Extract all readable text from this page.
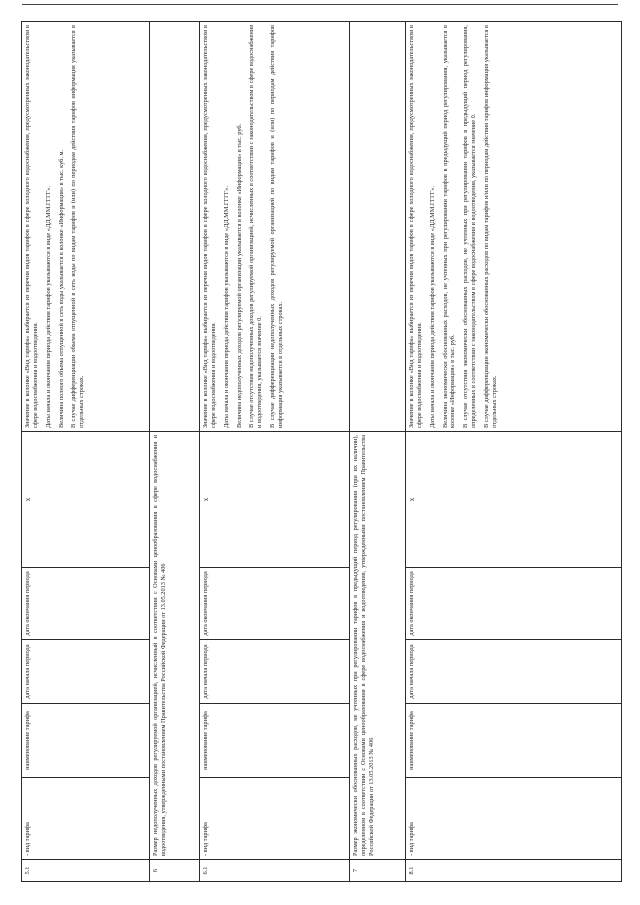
5.1	- вид тарифа	наименование тарифа	дата начала периода	дата окончания периода	х	Значение в колонке «Вид тарифа» выбирается из перечня видов тарифов в сфере холодного водоснабжения, предусмотренных законодательством в сфере водоснабжения и водоотведения. Даты начала и окончания периода действия тарифов указываются в виде «ДД.ММ.ГГГГ». Величина полного объема отпущенной в сеть воды указывается в колонке «Информация» в тыс. куб. м. В случае дифференциации объема отпущенной в сеть воды по видам тарифов и (или) по периодам действия тарифов информация указывается в отдельных строках.

6	Размер недополученных доходов регулируемой организацией, исчисленный в соответствии с Основами ценообразования в сфере водоснабжения и водоотведения, утвержденными постановлением Правительства Российской Федерации от 13.05.2013 № 406					
6.1	- вид тарифа	наименование тарифа	дата начала периода	дата окончания периода	х	Значение в колонке «Вид тарифа» выбирается из перечня видов тарифов в сфере холодного водоснабжения, предусмотренных законодательством в сфере водоснабжения и водоотведения. Даты начала и окончания периода действия тарифов указываются в виде «ДД.ММ.ГГГГ». Величина недополученных доходов регулируемой организации указывается в колонке «Информация» в тыс. руб. В случае отсутствия недополученных доходов регулируемой организацией, исчисленных в соответствии с законодательством в сфере водоснабжения и водоотведения, указывается значение 0. В случае дифференциации недополученных доходов регулируемой организацией по видам тарифов и (или) по периодам действия тарифов информация указывается в отдельных строках.

7	Размер экономически обоснованных расходов, не учтенных при регулировании тарифов в предыдущий период регулирования (при их наличии), определенном в соответствии с Основами ценообразования в сфере водоснабжения и водоотведения, утвержденными постановлением Правительства Российской Федерации от 13.05.2013 № 406					
8.1	- вид тарифа	наименование тарифа	дата начала периода	дата окончания периода	х	Значение в колонке «Вид тарифа» выбирается из перечня видов тарифов в сфере холодного водоснабжения, предусмотренных законодательством в сфере водоснабжения и водоотведения. Даты начала и окончания периода действия тарифов указываются в виде «ДД.ММ.ГГГГ». Величина экономически обоснованных расходов, не учтенных при регулировании тарифов в предыдущий период регулирования, указывается в колонке «Информация» в тыс. руб. В случае отсутствия экономически обоснованных расходов, не учтенных при регулировании тарифов в предыдущий период регулирования, определенных в соответствии с законодательством в сфере водоснабжения и водоотведения, указывается значение 0. В случае дифференциации экономически обоснованных расходов по видам тарифов и/или по периодам действия тарифов информация указывается в отдельных строках.
